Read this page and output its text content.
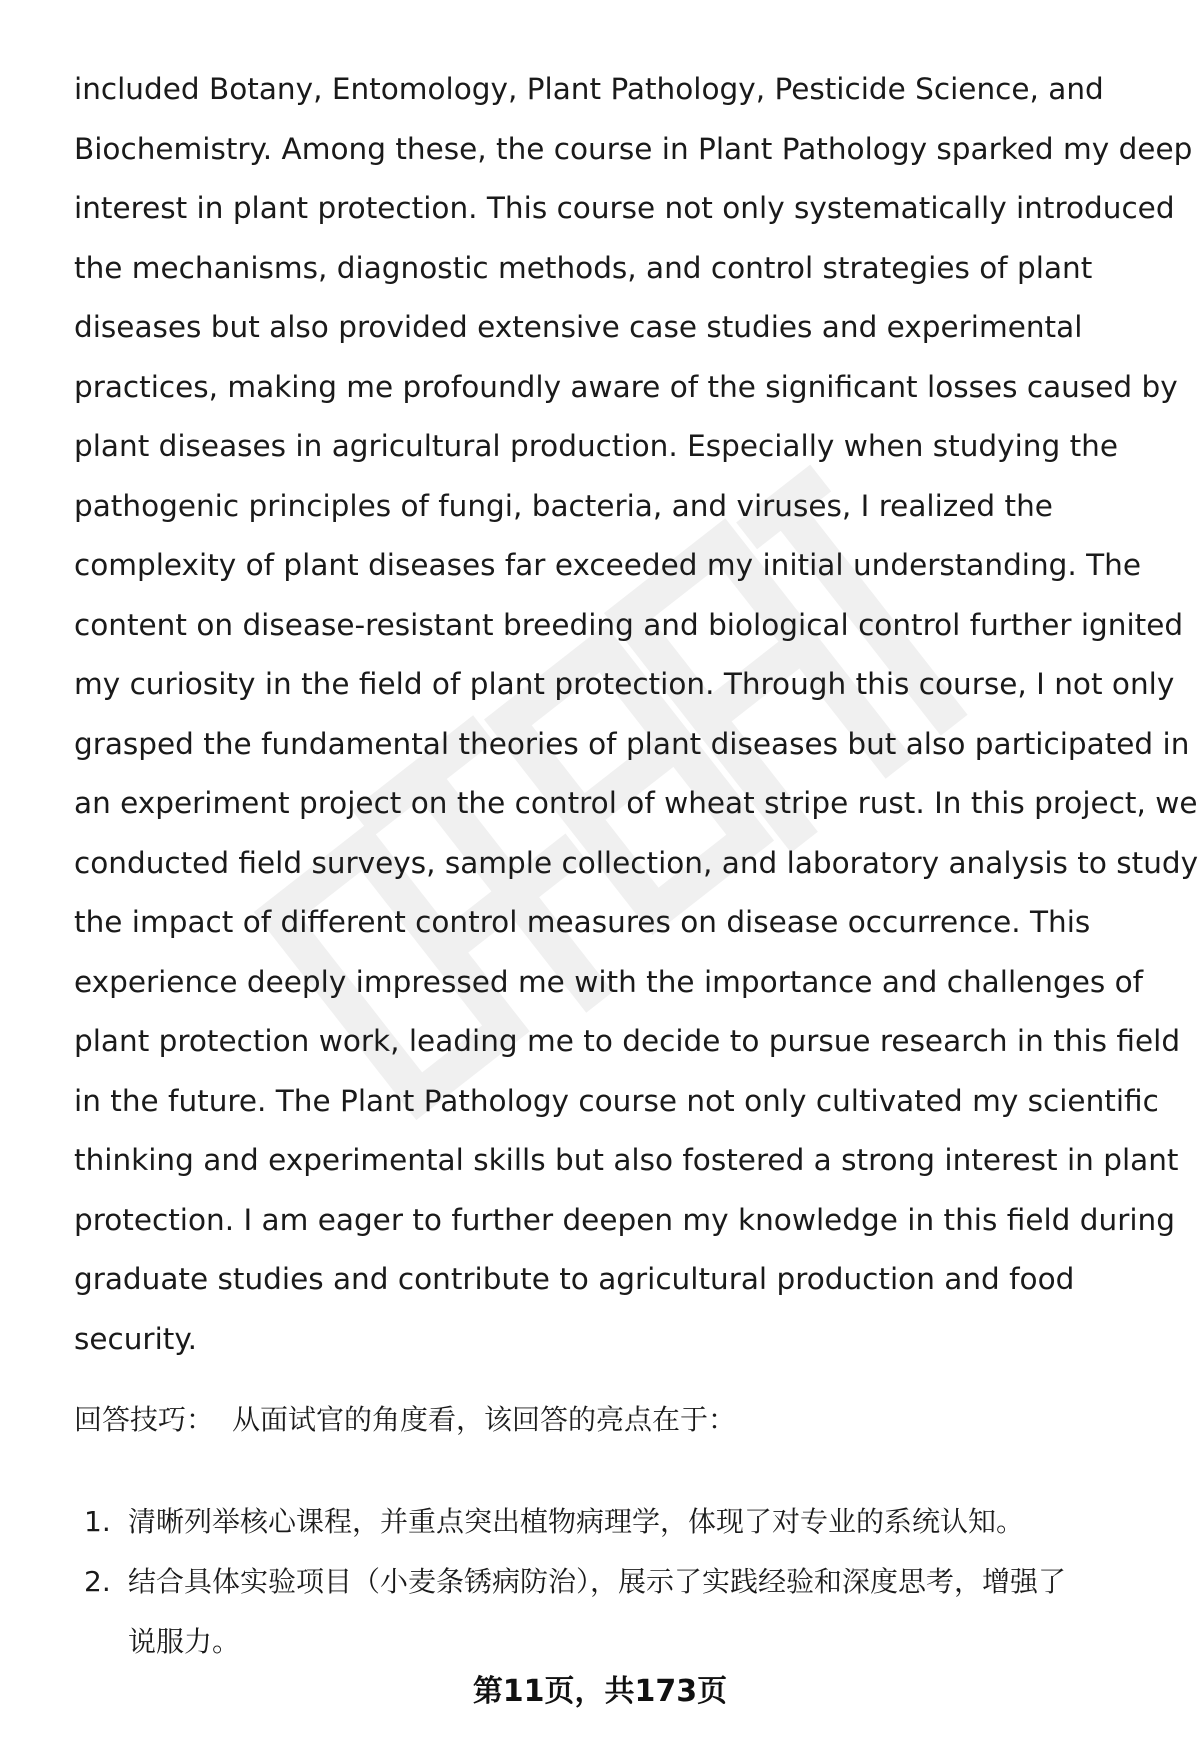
included Botany, Entomology, Plant Pathology, Pesticide Science, and
Biochemistry. Among these, the course in Plant Pathology sparked my deep
interest in plant protection. This course not only systematically introduced
the mechanisms, diagnostic methods, and control strategies of plant
diseases but also provided extensive case studies and experimental
practices, making me profoundly aware of the significant losses caused by
plant diseases in agricultural production. Especially when studying the
pathogenic principles of fungi, bacteria, and viruses, I realized the
complexity of plant diseases far exceeded my initial understanding. The
content on disease-resistant breeding and biological control further ignited
my curiosity in the field of plant protection. Through this course, I not only
grasped the fundamental theories of plant diseases but also participated in
an experiment project on the control of wheat stripe rust. In this project, we
conducted field surveys, sample collection, and laboratory analysis to study
the impact of different control measures on disease occurrence. This
experience deeply impressed me with the importance and challenges of
plant protection work, leading me to decide to pursue research in this field
in the future. The Plant Pathology course not only cultivated my scientific
thinking and experimental skills but also fostered a strong interest in plant
protection. I am eager to further deepen my knowledge in this field during
graduate studies and contribute to agricultural production and food
security.

回答技巧： 从面试官的角度看，该回答的亮点在于：

1. 清晰列举核心课程，并重点突出植物病理学，体现了对专业的系统认知。
2. 结合具体实验项目（小麦条锈病防治），展示了实践经验和深度思考，增强了
说服力。
第11页，共173页
